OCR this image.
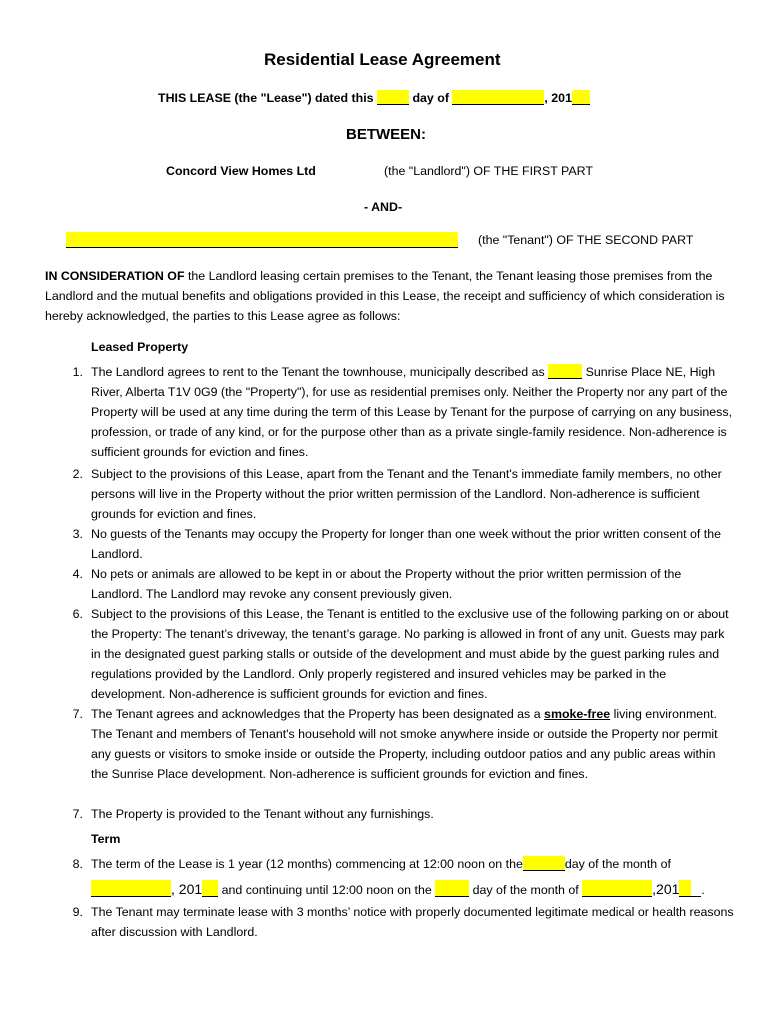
Residential Lease Agreement
THIS LEASE (the "Lease") dated this	day of	, 201
BETWEEN:
Concord View Homes Ltd	(the "Landlord") OF THE FIRST PART
- AND-
(the "Tenant") OF THE SECOND PART
IN CONSIDERATION OF the Landlord leasing certain premises to the Tenant, the Tenant leasing those premises from the Landlord and the mutual benefits and obligations provided in this Lease, the receipt and sufficiency of which consideration is hereby acknowledged, the parties to this Lease agree as follows:
Leased Property
1. The Landlord agrees to rent to the Tenant the townhouse, municipally described as	Sunrise Place NE, High River, Alberta T1V 0G9 (the "Property"), for use as residential premises only. Neither the Property nor any part of the Property will be used at any time during the term of this Lease by Tenant for the purpose of carrying on any business, profession, or trade of any kind, or for the purpose other than as a private single-family residence. Non-adherence is sufficient grounds for eviction and fines.
2. Subject to the provisions of this Lease, apart from the Tenant and the Tenant's immediate family members, no other persons will live in the Property without the prior written permission of the Landlord. Non-adherence is sufficient grounds for eviction and fines.
3. No guests of the Tenants may occupy the Property for longer than one week without the prior written consent of the Landlord.
4. No pets or animals are allowed to be kept in or about the Property without the prior written permission of the Landlord. The Landlord may revoke any consent previously given.
6. Subject to the provisions of this Lease, the Tenant is entitled to the exclusive use of the following parking on or about the Property: The tenant’s driveway, the tenant’s garage. No parking is allowed in front of any unit. Guests may park in the designated guest parking stalls or outside of the development and must abide by the guest parking rules and regulations provided by the Landlord. Only properly registered and insured vehicles may be parked in the development. Non-adherence is sufficient grounds for eviction and fines.
7. The Tenant agrees and acknowledges that the Property has been designated as a smoke-free living environment. The Tenant and members of Tenant's household will not smoke anywhere inside or outside the Property nor permit any guests or visitors to smoke inside or outside the Property, including outdoor patios and any public areas within the Sunrise Place development. Non-adherence is sufficient grounds for eviction and fines.
7. The Property is provided to the Tenant without any furnishings.
Term
8. The term of the Lease is 1 year (12 months) commencing at 12:00 noon on the	day of the month of
, 201 and continuing until 12:00 noon on the	day of the month of	,201 .
9. The Tenant may terminate lease with 3 months’ notice with properly documented legitimate medical or health reasons after discussion with Landlord.
